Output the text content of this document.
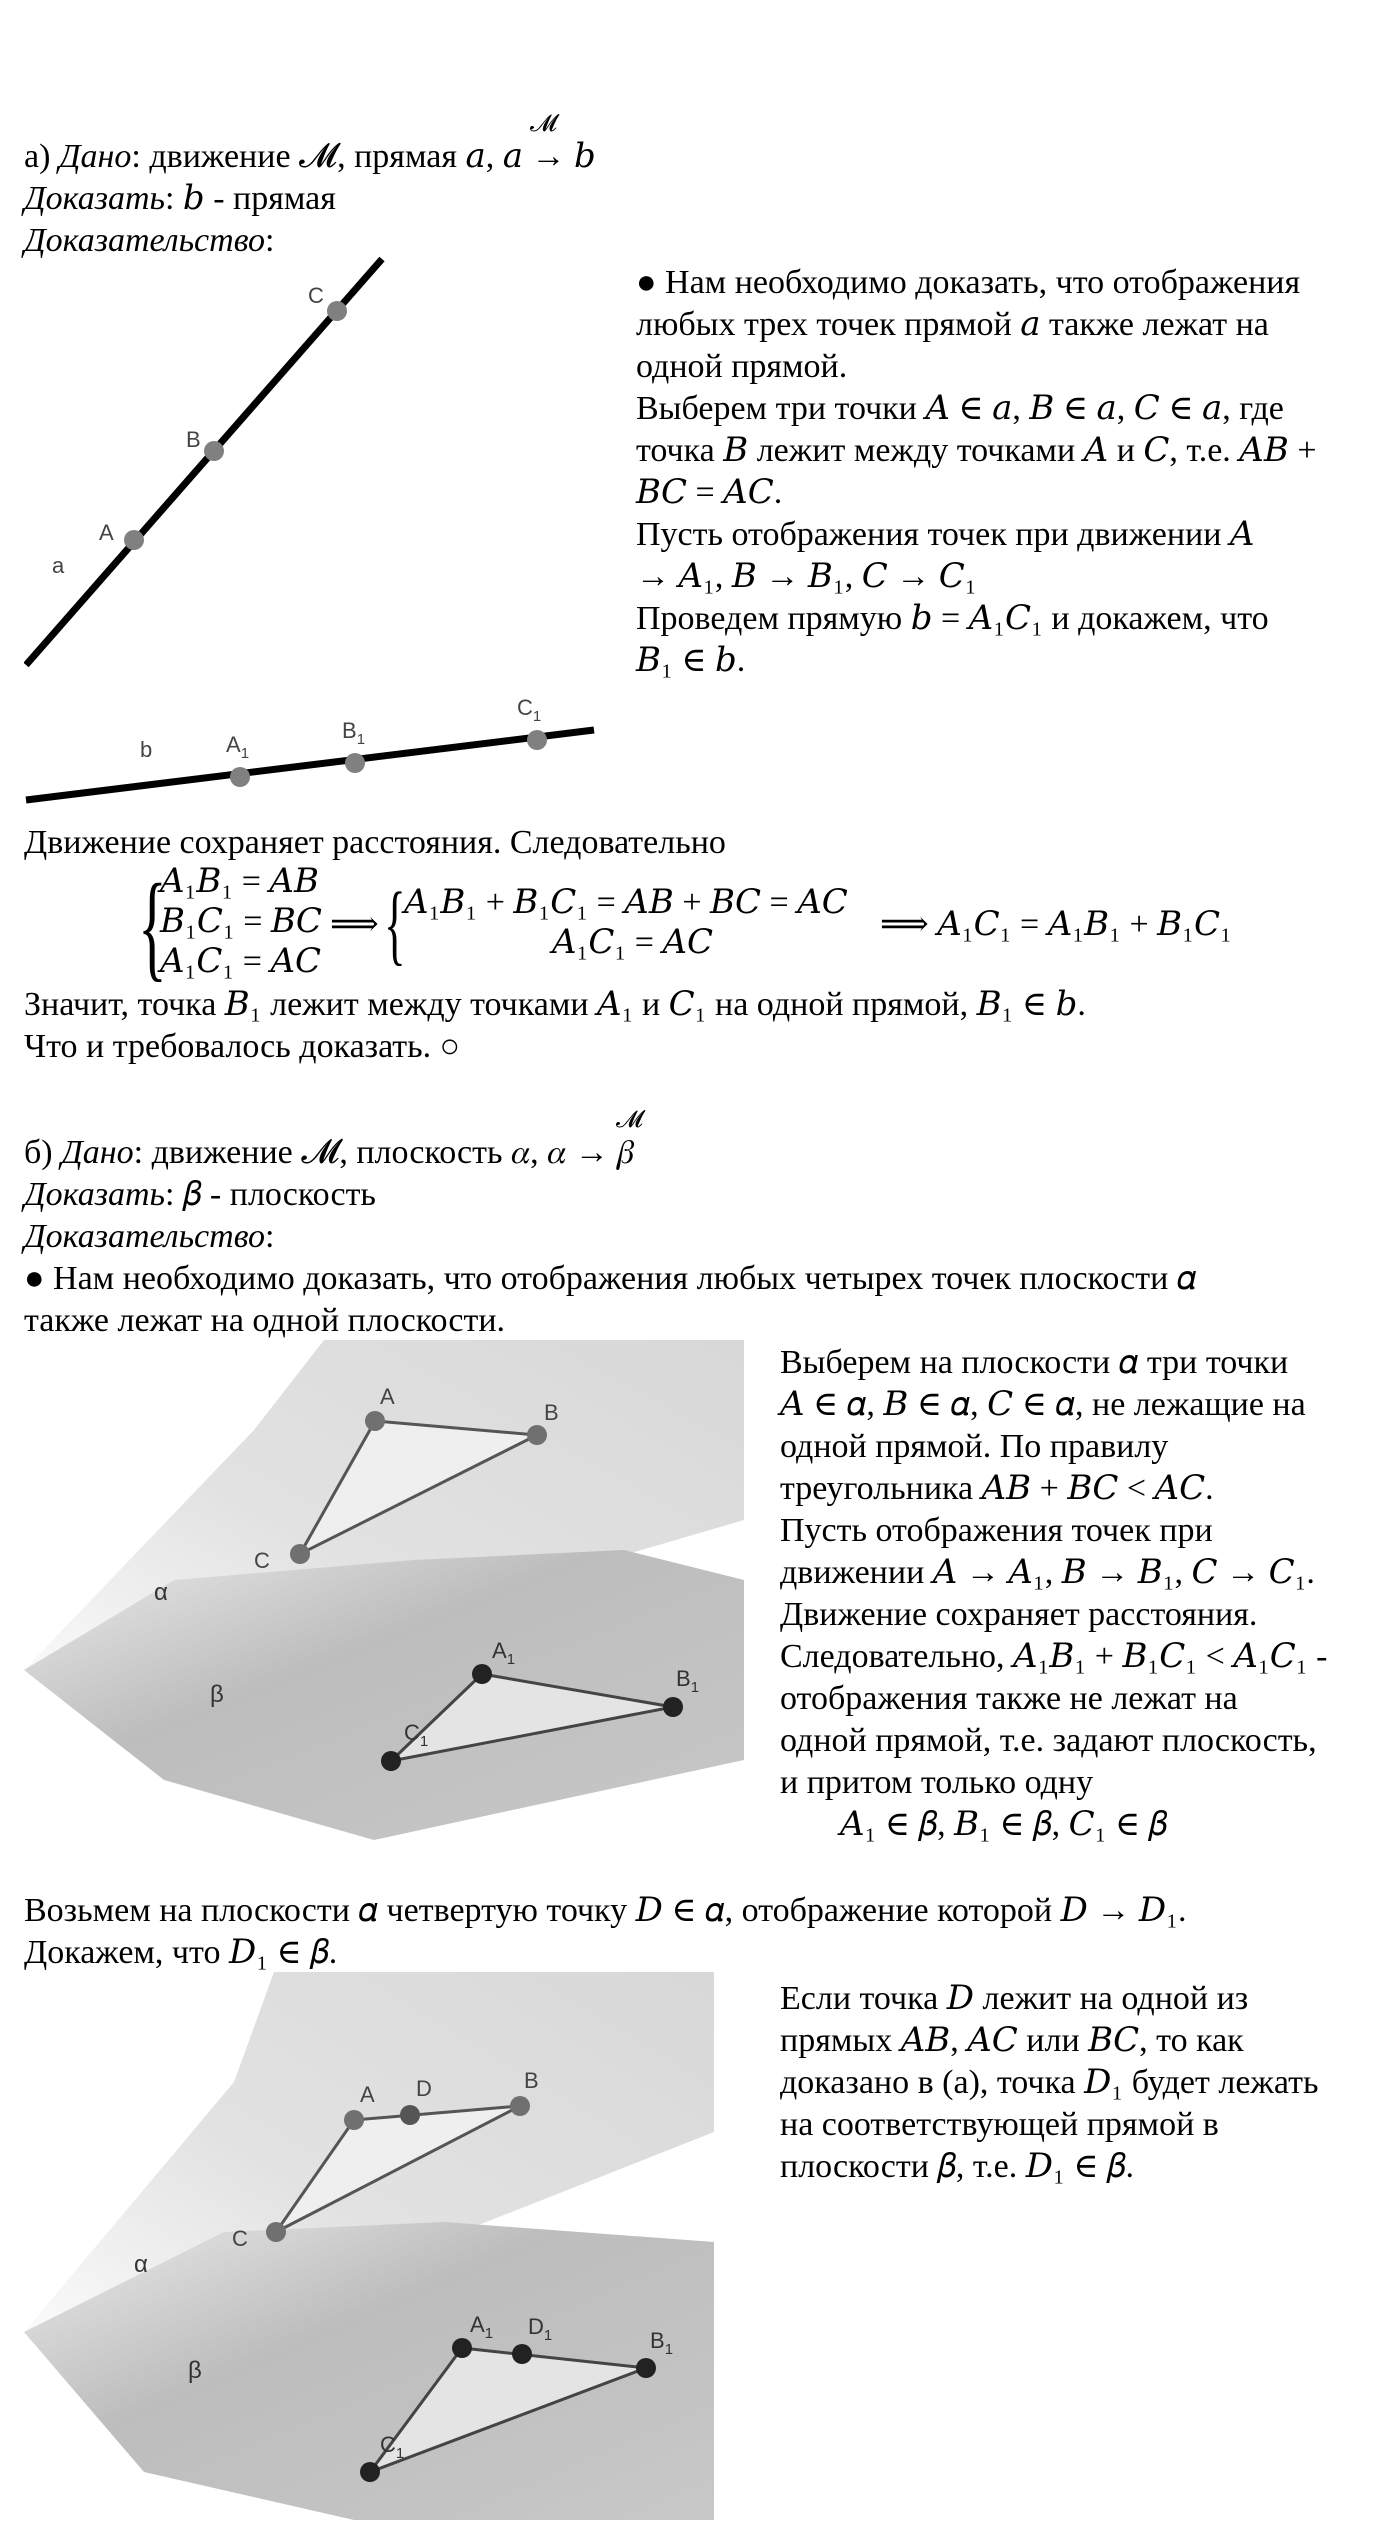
𝓜
а) Дано: движение 𝓜, прямая 𝑎, 𝑎 → 𝑏
Доказать: 𝑏 - прямая
Доказательство:
a
b
A
B
C
$A_1$
$B_1$
$C_1$
● Нам необходимо доказать, что отображения
любых трех точек прямой 𝑎 также лежат на
одной прямой.
Выберем три точки 𝐴 ∈ 𝑎, 𝐵 ∈ 𝑎, 𝐶 ∈ 𝑎, где
точка 𝐵 лежит между точками 𝐴 и 𝐶, т.е. 𝐴𝐵 +
𝐵𝐶 = 𝐴𝐶.
Пусть отображения точек при движении 𝐴
→ 𝐴₁, 𝐵 → 𝐵₁, 𝐶 → 𝐶₁
Проведем прямую 𝑏 = 𝐴₁𝐶₁ и докажем, что
𝐵₁ ∈ 𝑏.
Движение сохраняет расстояния. Следовательно
{
𝐴₁𝐵₁ = 𝐴𝐵
𝐵₁𝐶₁ = 𝐵𝐶
𝐴₁𝐶₁ = 𝐴𝐶
⟹ {
𝐴₁𝐵₁ + 𝐵₁𝐶₁ = 𝐴𝐵 + 𝐵𝐶 = 𝐴𝐶
𝐴₁𝐶₁ = 𝐴𝐶	⟹ 𝐴₁𝐶₁ = 𝐴₁𝐵₁ + 𝐵₁𝐶₁
Значит, точка 𝐵₁ лежит между точками 𝐴₁ и 𝐶₁ на одной прямой, 𝐵₁ ∈ 𝑏.
Что и требовалось доказать. ○
𝓜
б) Дано: движение 𝓜, плоскость 𝛼, 𝛼 → 𝛽
Доказать: 𝛽 - плоскость
Доказательство:
● Нам необходимо доказать, что отображения любых четырех точек плоскости 𝛼
также лежат на одной плоскости.
α
β
A
B
C
$A_1$
$B_1$
$C_1$
Выберем на плоскости 𝛼 три точки
𝐴 ∈ 𝛼, 𝐵 ∈ 𝛼, 𝐶 ∈ 𝛼, не лежащие на
одной прямой. По правилу
треугольника 𝐴𝐵 + 𝐵𝐶 < 𝐴𝐶.
Пусть отображения точек при
движении 𝐴 → 𝐴₁, 𝐵 → 𝐵₁, 𝐶 → 𝐶₁.
Движение сохраняет расстояния.
Следовательно, 𝐴₁𝐵₁ + 𝐵₁𝐶₁ < 𝐴₁𝐶₁ -
отображения также не лежат на
одной прямой, т.е. задают плоскость,
и притом только одну
𝐴₁ ∈ 𝛽, 𝐵₁ ∈ 𝛽, 𝐶₁ ∈ 𝛽
Возьмем на плоскости 𝛼 четвертую точку 𝐷 ∈ 𝛼, отображение которой 𝐷 → 𝐷₁.
Докажем, что 𝐷₁ ∈ 𝛽.
α
β
A D	B
C
$A_1$ $D_1$	$B_1$
$C_1$
Если точка 𝐷 лежит на одной из
прямых 𝐴𝐵, 𝐴𝐶 или 𝐵𝐶, то как
доказано в (а), точка 𝐷₁ будет лежать
на соответствующей прямой в
плоскости 𝛽, т.е. 𝐷₁ ∈ 𝛽.
